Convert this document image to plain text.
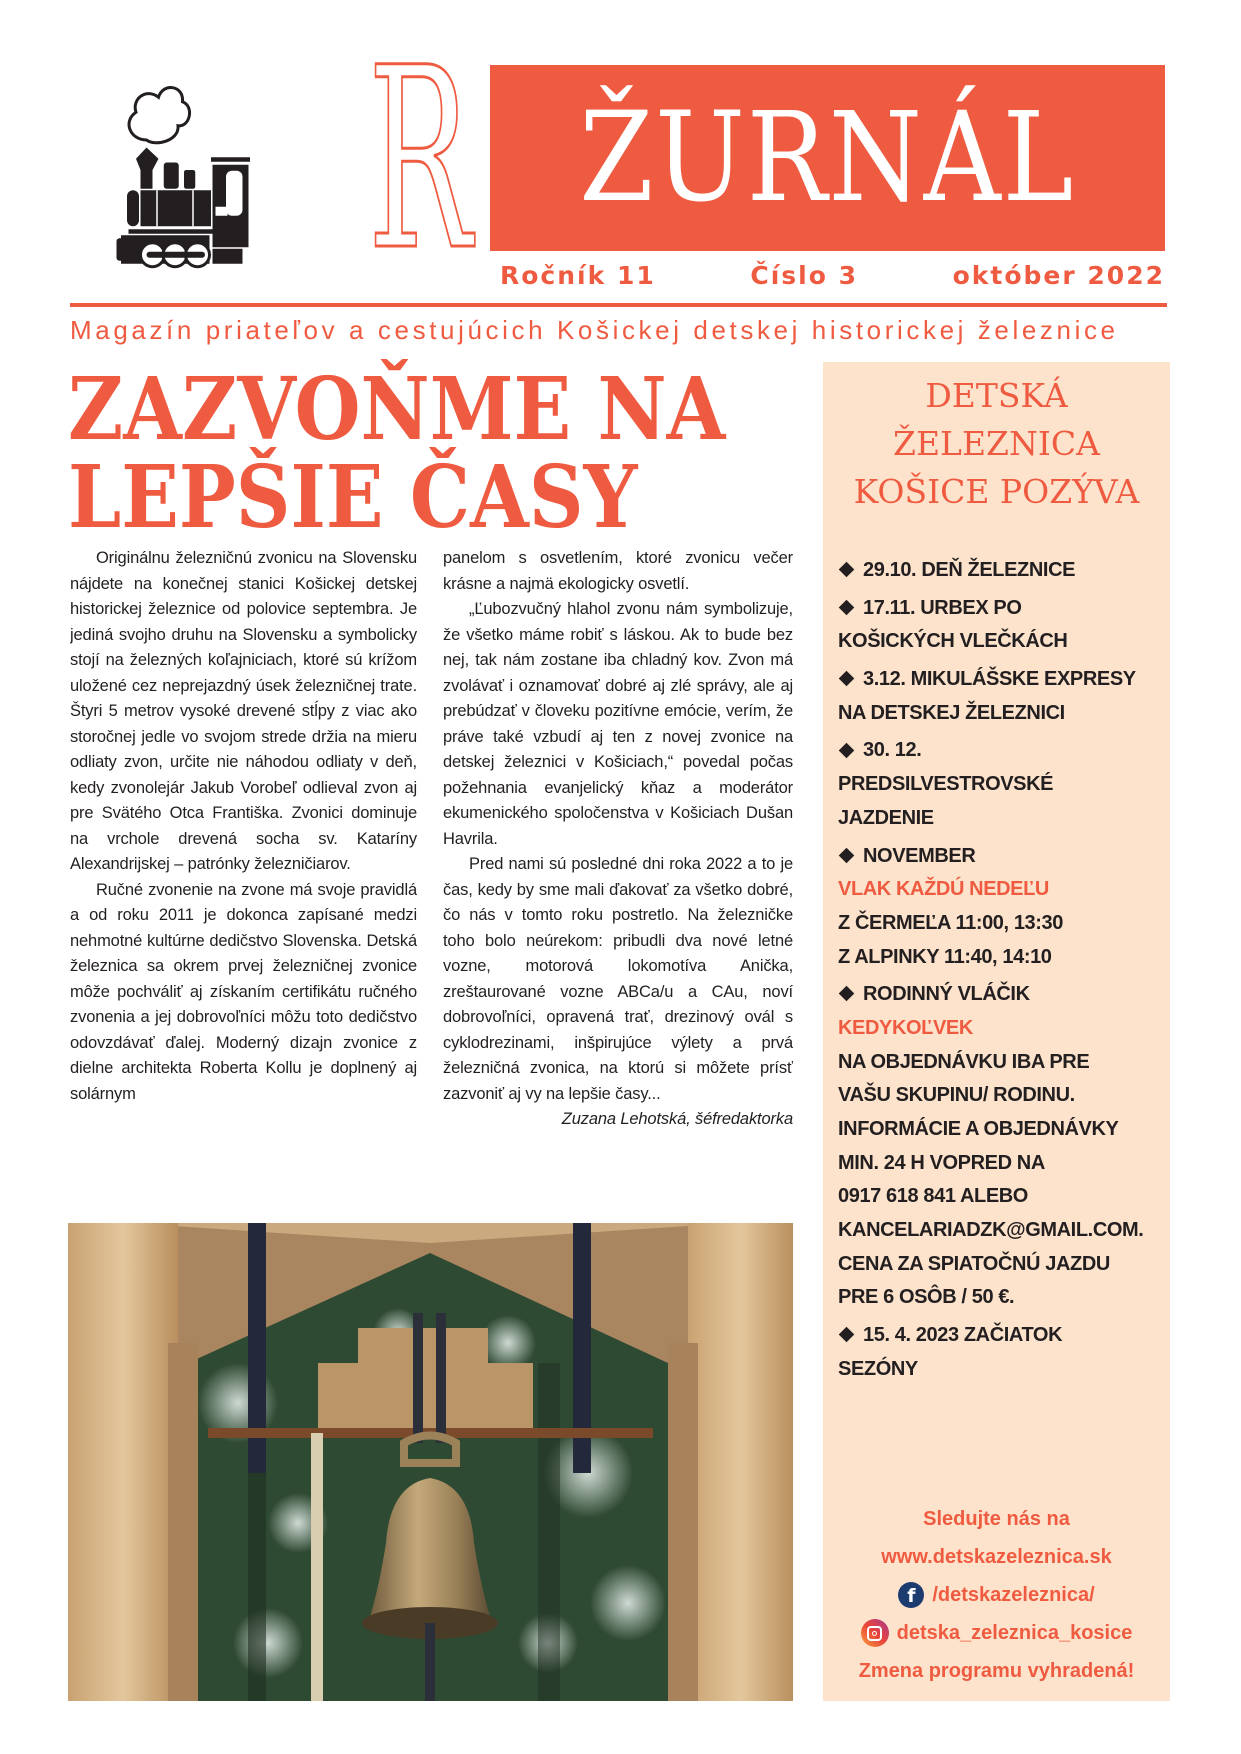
R ŽURNÁL
Ročník 11	Číslo 3	október 2022
Magazín priateľov a cestujúcich Košickej detskej historickej železnice
ZAZVOŇME NA
LEPŠIE ČASY

Originálnu železničnú zvonicu na Slovensku nájdete na konečnej stanici Košickej detskej historickej železnice od polovice septembra. Je jediná svojho druhu na Slovensku a symbolicky stojí na železných koľajniciach, ktoré sú krížom uložené cez neprejazdný úsek železničnej trate. Štyri 5 metrov vysoké drevené stĺpy z viac ako storočnej jedle vo svojom strede držia na mieru odliaty zvon, určite nie náhodou odliaty v deň, kedy zvonolejár Jakub Vorobeľ odlieval zvon aj pre Svätého Otca Františka. Zvonici dominuje na vrchole drevená socha sv. Kataríny Alexandrijskej – patrónky železničiarov.

Ručné zvonenie na zvone má svoje pravidlá a od roku 2011 je dokonca zapísané medzi nehmotné kultúrne dedičstvo Slovenska. Detská železnica sa okrem prvej železničnej zvonice môže pochváliť aj získaním certifikátu ručného zvonenia a jej dobrovoľníci môžu toto dedičstvo odovzdávať ďalej. Moderný dizajn zvonice z dielne architekta Roberta Kollu je doplnený aj solárnym

panelom s osvetlením, ktoré zvonicu večer krásne a najmä ekologicky osvetlí.

„Ľubozvučný hlahol zvonu nám symbolizuje, že všetko máme robiť s láskou. Ak to bude bez nej, tak nám zostane iba chladný kov. Zvon má zvolávať i oznamovať dobré aj zlé správy, ale aj prebúdzať v človeku pozitívne emócie, verím, že práve také vzbudí aj ten z novej zvonice na detskej železnici v Košiciach,“ povedal počas požehnania evanjelický kňaz a moderátor ekumenického spoločenstva v Košiciach Dušan Havrila.

Pred nami sú posledné dni roka 2022 a to je čas, kedy by sme mali ďakovať za všetko dobré, čo nás v tomto roku postretlo. Na železničke toho bolo neúrekom: pribudli dva nové letné vozne, motorová lokomotíva Anička, zreštaurované vozne ABCa/u a CAu, noví dobrovoľníci, opravená trať, drezinový ovál s cyklodrezinami, inšpirujúce výlety a prvá železničná zvonica, na ktorú si môžete prísť zazvoniť aj vy na lepšie časy...

Zuzana Lehotská, šéfredaktorka

DETSKÁ
ŽELEZNICA
KOŠICE POZÝVA
29.10. DEŇ ŽELEZNICE
17.11. URBEX PO
KOŠICKÝCH VLEČKÁCH
3.12. MIKULÁŠSKE EXPRESY
NA DETSKEJ ŽELEZNICI
30. 12.
PREDSILVESTROVSKÉ
JAZDENIE
NOVEMBER
VLAK KAŽDÚ NEDEĽU
Z ČERMEĽA 11:00, 13:30
Z ALPINKY 11:40, 14:10
RODINNÝ VLÁČIK
KEDYKOĽVEK
NA OBJEDNÁVKU IBA PRE
VAŠU SKUPINU/ RODINU.
INFORMÁCIE A OBJEDNÁVKY
MIN. 24 H VOPRED NA
0917 618 841 ALEBO
KANCELARIADZK@GMAIL.COM.
CENA ZA SPIATOČNÚ JAZDU
PRE 6 OSÔB / 50 €.
15. 4. 2023 ZAČIATOK
SEZÓNY
Sledujte nás na
www.detskazeleznica.sk
f /detskazeleznica/
detska_zeleznica_kosice
Zmena programu vyhradená!
